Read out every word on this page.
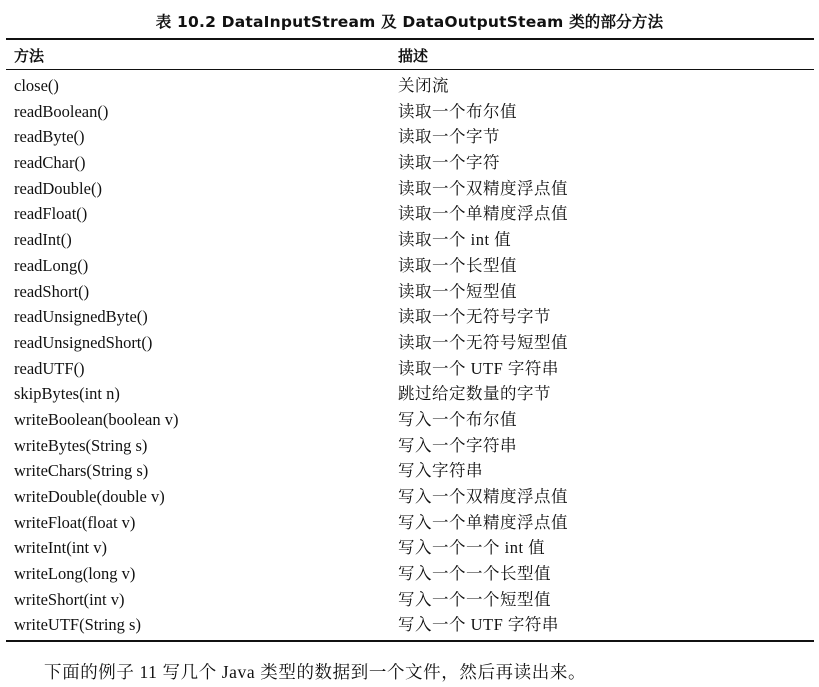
表 10.2 DataInputStream 及 DataOutputSteam 类的部分方法
方法	描述
close()	关闭流
readBoolean()	读取一个布尔值
readByte()	读取一个字节
readChar()	读取一个字符
readDouble()	读取一个双精度浮点值
readFloat()	读取一个单精度浮点值
readInt()	读取一个 int 值
readLong()	读取一个长型值
readShort()	读取一个短型值
readUnsignedByte()	读取一个无符号字节
readUnsignedShort()	读取一个无符号短型值
readUTF()	读取一个 UTF 字符串
skipBytes(int n)	跳过给定数量的字节
writeBoolean(boolean v)	写入一个布尔值
writeBytes(String s)	写入一个字符串
writeChars(String s)	写入字符串
writeDouble(double v)	写入一个双精度浮点值
writeFloat(float v)	写入一个单精度浮点值
writeInt(int v)	写入一个一个 int 值
writeLong(long v)	写入一个一个长型值
writeShort(int v)	写入一个一个短型值
writeUTF(String s)	写入一个 UTF 字符串
下面的例子 11 写几个 Java 类型的数据到一个文件，然后再读出来。
